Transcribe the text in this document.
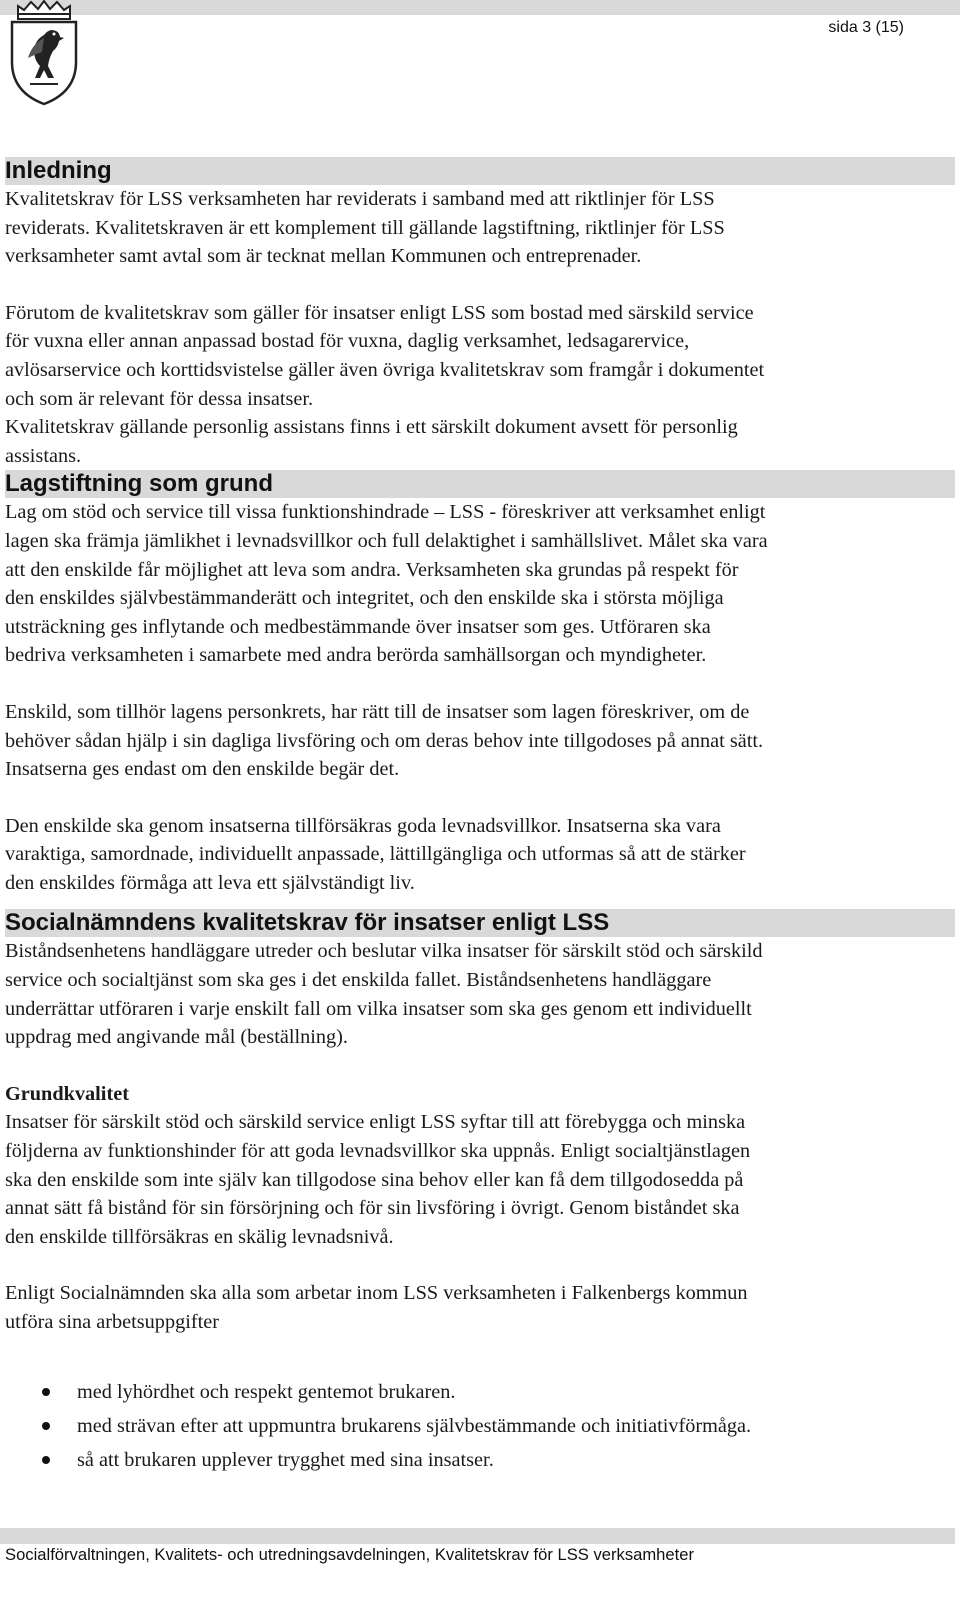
sida 3 (15)
Inledning
Kvalitetskrav för LSS verksamheten har reviderats i samband med att riktlinjer för LSS
reviderats. Kvalitetskraven är ett komplement till gällande lagstiftning, riktlinjer för LSS
verksamheter samt avtal som är tecknat mellan Kommunen och entreprenader.
Förutom de kvalitetskrav som gäller för insatser enligt LSS som bostad med särskild service
för vuxna eller annan anpassad bostad för vuxna, daglig verksamhet, ledsagarervice,
avlösarservice och korttidsvistelse gäller även övriga kvalitetskrav som framgår i dokumentet
och som är relevant för dessa insatser.
Kvalitetskrav gällande personlig assistans finns i ett särskilt dokument avsett för personlig
assistans.
Lagstiftning som grund
Lag om stöd och service till vissa funktionshindrade – LSS - föreskriver att verksamhet enligt
lagen ska främja jämlikhet i levnadsvillkor och full delaktighet i samhällslivet. Målet ska vara
att den enskilde får möjlighet att leva som andra. Verksamheten ska grundas på respekt för
den enskildes självbestämmanderätt och integritet, och den enskilde ska i största möjliga
utsträckning ges inflytande och medbestämmande över insatser som ges. Utföraren ska
bedriva verksamheten i samarbete med andra berörda samhällsorgan och myndigheter.
Enskild, som tillhör lagens personkrets, har rätt till de insatser som lagen föreskriver, om de
behöver sådan hjälp i sin dagliga livsföring och om deras behov inte tillgodoses på annat sätt.
Insatserna ges endast om den enskilde begär det.
Den enskilde ska genom insatserna tillförsäkras goda levnadsvillkor. Insatserna ska vara
varaktiga, samordnade, individuellt anpassade, lättillgängliga och utformas så att de stärker
den enskildes förmåga att leva ett självständigt liv.
Socialnämndens kvalitetskrav för insatser enligt LSS
Biståndsenhetens handläggare utreder och beslutar vilka insatser för särskilt stöd och särskild
service och socialtjänst som ska ges i det enskilda fallet. Biståndsenhetens handläggare
underrättar utföraren i varje enskilt fall om vilka insatser som ska ges genom ett individuellt
uppdrag med angivande mål (beställning).
Grundkvalitet
Insatser för särskilt stöd och särskild service enligt LSS syftar till att förebygga och minska
följderna av funktionshinder för att goda levnadsvillkor ska uppnås. Enligt socialtjänstlagen
ska den enskilde som inte själv kan tillgodose sina behov eller kan få dem tillgodosedda på
annat sätt få bistånd för sin försörjning och för sin livsföring i övrigt. Genom biståndet ska
den enskilde tillförsäkras en skälig levnadsnivå.
Enligt Socialnämnden ska alla som arbetar inom LSS verksamheten i Falkenbergs kommun
utföra sina arbetsuppgifter
med lyhördhet och respekt gentemot brukaren.
med strävan efter att uppmuntra brukarens självbestämmande och initiativförmåga.
så att brukaren upplever trygghet med sina insatser.
Socialförvaltningen, Kvalitets- och utredningsavdelningen, Kvalitetskrav för LSS verksamheter
